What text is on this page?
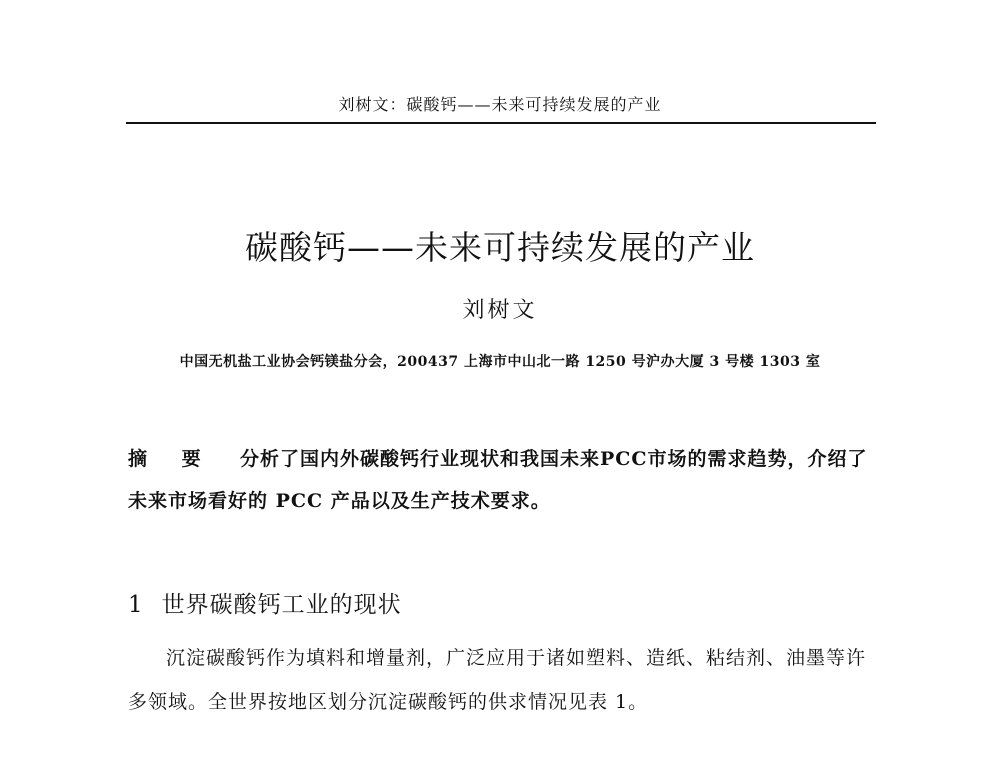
刘树文：碳酸钙——未来可持续发展的产业
碳酸钙——未来可持续发展的产业
刘树文
中国无机盐工业协会钙镁盐分会，200437 上海市中山北一路 1250 号沪办大厦 3 号楼 1303 室
摘 要 分析了国内外碳酸钙行业现状和我国未来PCC市场的需求趋势，介绍了未来市场看好的 PCC 产品以及生产技术要求。
1 世界碳酸钙工业的现状

沉淀碳酸钙作为填料和增量剂，广泛应用于诸如塑料、造纸、粘结剂、油墨等许多领域。全世界按地区划分沉淀碳酸钙的供求情况见表 1。
